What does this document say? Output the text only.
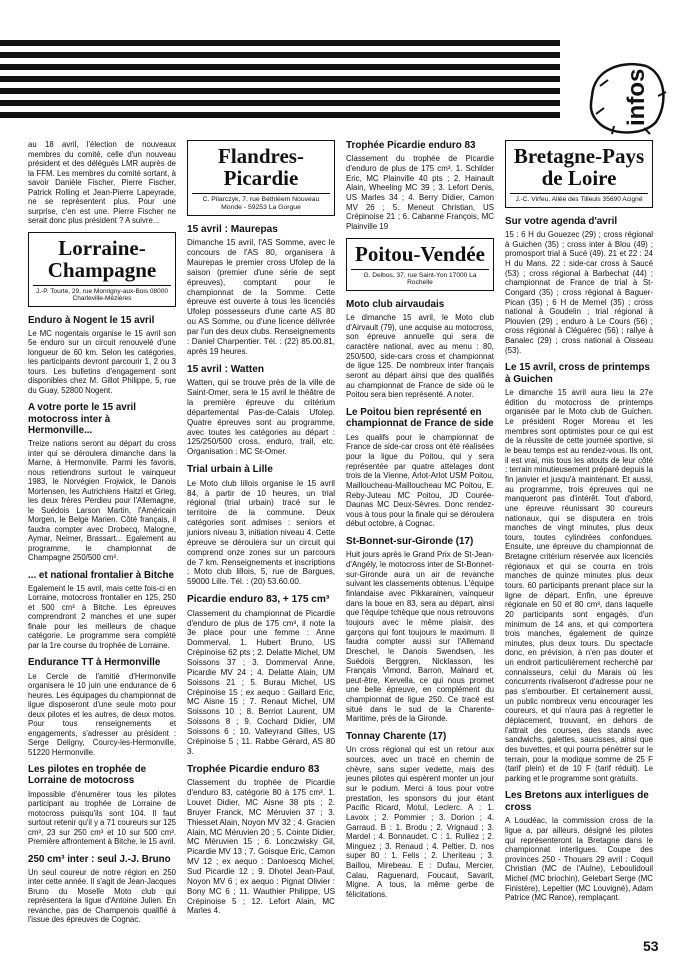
infos

au 18 avril, l'élection de nouveaux membres du comité, celle d'un nouveau président et des délégués LMR auprès de la FFM. Les membres du comité sortant, à savoir Danièle Fischer, Pierre Fischer, Patrick Rolling et Jean-Pierre Lapeyrade, ne se représentent plus. Pour une surprise, c'en est une. Pierre Fischer ne serait donc plus président ? A suivre...

Lorraine-Champagne
J.-P. Tourte, 29, rue Monrigny-aux-Bois 08000 Charleville-Mézières
Enduro à Nogent le 15 avril

Le MC nogentais organise le 15 avril son 5e enduro sur un circuit renouvelé d'une longueur de 60 km. Selon les catégories, les participants devront parcourir 1, 2 ou 3 tours. Les bulletins d'engagement sont disponibles chez M. Gillot Philippe, 5, rue du Guay, 52800 Nogent.

A votre porte le 15 avril motocross inter à Hermonville...

Treize nations seront au départ du cross inter qui se déroulera dimanche dans la Marne, à Hermonville. Parmi les favoris, nous retiendrons surtout le vainqueur 1983, le Norvégien Frojwick, le Danois Mortensen, les Autrichiens Haitzl et Grieg, les deux frères Perdieu pour l'Allemagne, le Suédois Larson Martin, l'Américain Morgen, le Belge Marien. Côté français, il faudra compter avec Drobecq, Malogne, Aymar, Neimer, Brassart... Egalement au programme, le championnat de Champagne 250/500 cm³.

... et national frontalier à Bitche

Egalement le 15 avril, mais cette fois-ci en Lorraine, motocross frontalier en 125, 250 et 500 cm³ à Bitche. Les épreuves comprendront 2 manches et une super finale pour les meilleurs de chaque catégorie. Le programme sera complété par la 1re course du trophée de Lorraine.

Endurance TT à Hermonville

Le Cercle de l'amitié d'Hermonville organisera le 10 juin une endurance de 6 heures. Les équipages du championnat de ligue disposeront d'une seule moto pour deux pilotes et les autres, de deux motos. Pour tous renseignements et engagements, s'adresser au président : Serge Deligny, Courcy-les-Hermonville, 51220 Hermonville.

Les pilotes en trophée de Lorraine de motocross

Impossible d'énumérer tous les pilotes participant au trophée de Lorraine de motocross puisqu'ils sont 104. Il faut surtout retenir qu'il y a 71 coureurs sur 125 cm³, 23 sur 250 cm³ et 10 sur 500 cm³. Première affrontement à Bitche, le 15 avril.

250 cm³ inter : seul J.-J. Bruno

Un seul coureur de notre région en 250 inter cette année. Il s'agit de Jean-Jacques Bruno du Moselle Moto club qui représentera la ligue d'Antoine Julien. En revanche, pas de Champenois qualifié à l'issue des épreuves de Cognac.

Flandres-Picardie
C. Pilarczyk, 7, rue Béthléem Nouveau Monde - 59253 La Gorgue
15 avril : Maurepas

Dimanche 15 avril, l'AS Somme, avec le concours de l'AS 80, organisera à Maurepas le premier cross Ufolep de la saison (premier d'une série de sept épreuves), comptant pour le championnat de la Somme. Cette épreuve est ouverte à tous les licenciés Ufolep possesseurs d'une carte AS 80 ou AS Somme, ou d'une licence délivrée par l'un des deux clubs. Renseignements : Daniel Charpentier. Tél. : (22) 85.00.81, après 19 heures.

15 avril : Watten

Watten, qui se trouve près de la ville de Saint-Omer, sera le 15 avril le théâtre de la première épreuve du critérium départemental Pas-de-Calais Ufolep. Quatre épreuves sont au programme, avec toutes les catégories au départ : 125/250/500 cross, enduro, trail, etc. Organisation : MC St-Omer.

Trial urbain à Lille

Le Moto club lillois organise le 15 avril 84, à partir de 10 heures, un trial régional (trial urbain) tracé sur le territoire de la commune. Deux catégories sont admises : seniors et juniors niveau 3, initiation niveau 4. Cette épreuve se déroulera sur un circuit qui comprend onze zones sur un parcours de 7 km. Renseignements et inscriptions : Moto club lillois, 5, rue de Bargues, 59000 Lille. Tél. : (20) 53.60.00.

Picardie enduro 83, + 175 cm³

Classement du championnat de Picardie d'enduro de plus de 175 cm³, il note la 3e place pour une femme : Anne Dommerval. 1. Hubert Bruno, US Crépinoise 62 pts ; 2. Delatte Michel, UM Soissons 37 ; 3. Dommerval Anne, Picardie MV 24 ; 4. Delatte Alain, UM Soissons 21 ; 5. Burau Michel, US Crépinoise 15 ; ex aequo : Gaillard Eric, MC Aisne 15 ; 7. Renaut Michel, UM Soissons 10 ; 8. Berriot Laurent, UM Soissons 8 ; 9. Cochard Didier, UM Soissons 6 ; 10. Valleyrand Gilles, US Crépinoise 5 ; 11. Rabbe Gérard, AS 80 3.

Trophée Picardie enduro 83

Classement du trophée de Picardie d'enduro 83, catégorie 80 à 175 cm³. 1. Louvet Didier, MC Aisne 38 pts ; 2. Bruyer Franck, MC Méruvien 37 ; 3. Thiesset Alain, Noyon MV 32 ; 4. Gracien Alain, MC Méruvien 20 ; 5. Cointe Didier, MC Méruvien 15 ; 6. Lonczwisky Gil, Picardie MV 13 ; 7. Goisque Eric, Camon MV 12 ; ex aequo : Danloescq Michel, Sud Picardie 12 ; 9. Dhotel Jean-Paul, Noyon MV 6 ; ex aequo : Pignat Olivier : Bony MC 6 ; 11. Wauthier Philippe, US Crépinoise 5 ; 12. Lefort Alain, MC Marles 4.

Trophée Picardie enduro 83

Classement du trophée de Picardie d'enduro de plus de 175 cm³. 1. Schilder Eric, MC Plainville 40 pts ; 2. Hainault Alain, Wheeling MC 39 ; 3. Lefort Denis, US Marles 34 ; 4. Berry Didier, Camon MV 26 ; 5. Meneut Christian, US Crépinoise 21 ; 6. Cabanne François, MC Plainville 19

Poitou-Vendée
G. Delbos, 37, rue Saint-Yon 17000 La Rochelle
Moto club airvaudais

Le dimanche 15 avril, le Moto club d'Airvault (79), une acquise au motocross, son épreuve annuelle qui sera de caractère national, avec au menu : 80, 250/500, side-cars cross et championnat de ligue 125. De nombreux inter français seront au départ ainsi que des qualifiés au championnat de France de side où le Poitou sera bien représenté. A noter.

Le Poitou bien représenté en championnat de France de side

Les qualifs pour le championnat de France de side-car cross ont été réalisées pour la ligue du Poitou, qui y sera représentée par quatre attelages dont trois de la Vienne, Arlot-Arlot USM Poitou, Mailloucheau-Mailloucheau MC Poitou, E. Reby-Juteau MC Poitou, JD Courée-Daunas MC Deux-Sèvres. Donc rendez-vous à tous pour la finale qui se déroulera début octobre, à Cognac.

St-Bonnet-sur-Gironde (17)

Huit jours après le Grand Prix de St-Jean-d'Angély, le motocross inter de St-Bonnet-sur-Gironde aura un air de revanche suivant les classements obtenus. L'équipe finlandaise avec Pikkarainen, vainqueur dans la boue en 83, sera au départ, ainsi que l'équipe tchèque que nous retrouvons toujours avec le même plaisir, des garçons qui font toujours le maximum. Il faudra compter aussi sur l'Allemand Dreschel, le Danois Swendsen, les Suédois Berggren, Nicklasson, les Français Vimond, Barron, Malnard et, peut-être, Kervella, ce qui nous promet une belle épreuve, en complément du championnat de ligue 250. Ce tracé est situé dans le sud de la Charente-Maritime, près de la Gironde.

Tonnay Charente (17)

Un cross régional qui est un retour aux sources, avec un tracé en chemin de chèvre, sans super vedette, mais des jeunes pilotes qui espèrent monter un jour sur le podium. Merci à tous pour votre prestation, les sponsors du jour étant Pacific Ricard, Motul, Leclerc. A : 1. Lavoix ; 2. Pommier ; 3. Dorion ; 4. Garraud. B : 1. Brodu ; 2. Vrignaud ; 3. Mardel ; 4. Bonnaudet. C : 1. Rulliez ; 2. Minguez ; 3. Renaud ; 4. Peltier. D. nos super 80 : 1. Felis ; 2. Lheriteau ; 3. Baillou, Mirebeau. E : Dufau, Mercier, Calau, Raguenard, Foucaut, Savarit, Migne. A tous, la même gerbe de félicitations.

Bretagne-Pays de Loire
J.-C. Virfeu, Allée des Tilleuls 35690 Acigné
Sur votre agenda d'avril

15 : 6 H du Gouezec (29) ; cross régional à Guichen (35) ; cross inter à Blou (49) ; promosport trial à Sucé (49). 21 et 22 : 24 H du Mans. 22 : side-car cross à Saucé (53) ; cross régional à Barbechat (44) ; championnat de France de trial à St-Congard (35) ; cross régional à Baguer-Pican (35) ; 6 H de Mernel (35) ; cross national à Goudelin ; trial régional à Plouvien (29) ; enduro à Le Cours (56) ; cross régional à Cléguérec (56) ; rallye à Banalec (29) ; cross national à Oisseau (53).

Le 15 avril, cross de printemps à Guichen

Le dimanche 15 avril aura lieu la 27e édition du motocross de printemps organisée par le Moto club de Guichen. Le président Roger Moreau et les membres sont optimistes pour ce qui est de la réussite de cette journée sportive, si le beau temps est au rendez-vous. Ils ont, il est vrai, mis tous les atouts de leur côté : terrain minutieusement préparé depuis la fin janvier et jusqu'à maintenant. Et aussi, au programme, trois épreuves qui ne manqueront pas d'intérêt. Tout d'abord, une épreuve réunissant 30 coureurs nationaux, qui se disputera en trois manches de vingt minutes, plus deux tours, toutes cylindrées confondues. Ensuite, une épreuve du championnat de Bretagne critérium réservée aux licenciés régionaux et qui se courra en trois manches de quinze minutes plus deux tours. 60 participants prenant place sur la ligne de départ. Enfin, une épreuve régionale en 50 et 80 cm³, dans laquelle 20 participants sont engagés, d'un minimum de 14 ans, et qui comportera trois manches, également de quinze minutes, plus deux tours. Du spectacle donc, en prévision, à n'en pas douter et un endroit particulièrement recherché par connaisseurs, celui du Marais où les concurrents rivaliseront d'adresse pour ne pas s'embourber. Et certainement aussi, un public nombreux venu encourager les coureurs, et qui n'aura pas à regretter le déplacement, trouvant, en dehors de l'attrait des courses, des stands avec sandwichs, galettes, saucisses, ainsi que des buvettes, et qui pourra pénétrer sur le terrain, pour la modique somme de 25 F (tarif plein) et de 10 F (tarif réduit). Le parking et le programme sont gratuits.

Les Bretons aux interligues de cross

A Loudéac, la commission cross de la ligue a, par ailleurs, désigné les pilotes qui représenteront la Bretagne dans le championnat interligues. Coupe des provinces 250 - Thouars 29 avril : Coquil Christian (MC de l'Aulne), Leboulidouil Michel (MC briochin), Gelebart Serge (MC Finistère), Lepeltier (MC Louvigné), Adam Patrice (MC Rance), remplaçant.

53
